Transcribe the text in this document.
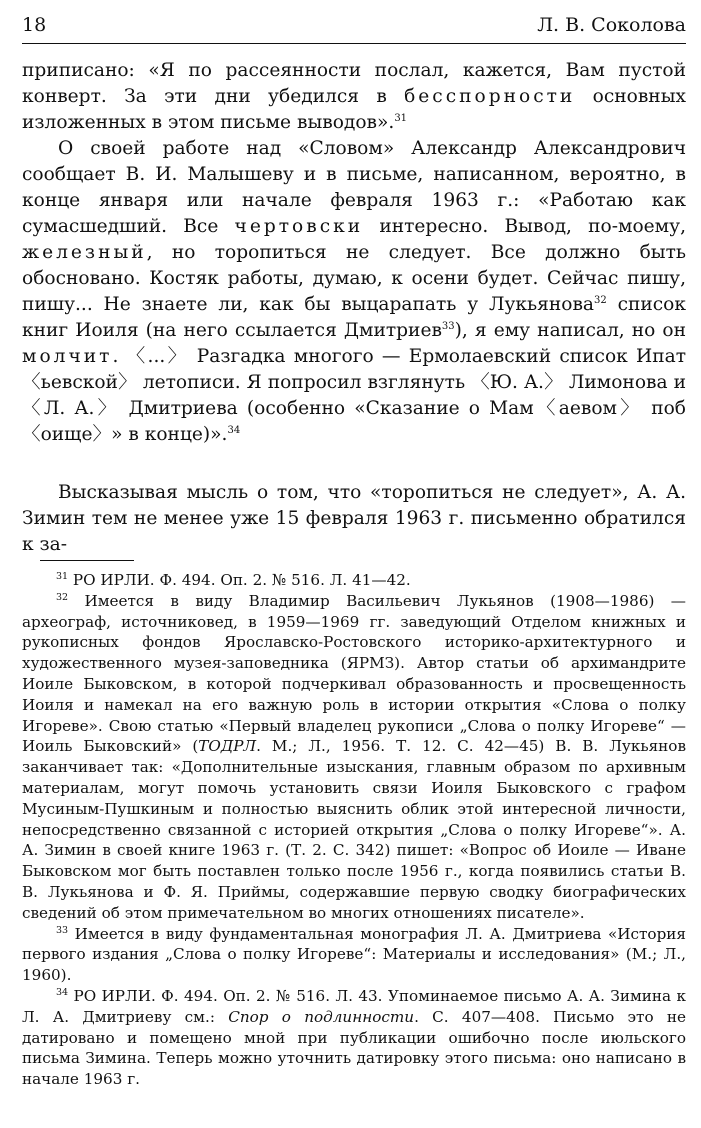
18	Л. В. Соколова

приписано: «Я по рассеянности послал, кажется, Вам пустой конверт. За эти дни убедился в бесспорности основных изложенных в этом письме выводов».$^{31}$

О своей работе над «Словом» Александр Александрович сообщает В. И. Малышеву и в письме, написанном, вероятно, в конце января или начале февраля 1963 г.: «Работаю как сумасшедший. Все чертовски интересно. Вывод, по-моему, железный, но торопиться не следует. Все должно быть обосновано. Костяк работы, думаю, к осени будет. Сейчас пишу, пишу... Не знаете ли, как бы выцарапать у Лукьянова$^{32}$ список книг Иоиля (на него ссылается Дмитриев$^{33}$), я ему написал, но он молчит. 〈...〉 Разгадка многого — Ермолаевский список Ипат〈ьевской〉 летописи. Я попросил взглянуть 〈Ю. А.〉 Лимонова и 〈Л. А.〉 Дмитриева (особенно «Сказание о Мам〈аевом〉 поб〈оище〉» в конце)».$^{34}$

Высказывая мысль о том, что «торопиться не следует», А. А. Зимин тем не менее уже 15 февраля 1963 г. письменно обратился к за-

$^{31}$ РО ИРЛИ. Ф. 494. Оп. 2. № 516. Л. 41—42.

$^{32}$ Имеется в виду Владимир Васильевич Лукьянов (1908—1986) — археограф, источниковед, в 1959—1969 гг. заведующий Отделом книжных и рукописных фондов Ярославско-Ростовского историко-архитектурного и художественного музея-заповедника (ЯРМЗ). Автор статьи об архимандрите Иоиле Быковском, в которой подчеркивал образованность и просвещенность Иоиля и намекал на его важную роль в истории открытия «Слова о полку Игореве». Свою статью «Первый владелец рукописи „Слова о полку Игореве“ — Иоиль Быковский» (ТОДРЛ. М.; Л., 1956. Т. 12. С. 42—45) В. В. Лукьянов заканчивает так: «Дополнительные изыскания, главным образом по архивным материалам, могут помочь установить связи Иоиля Быковского с графом Мусиным-Пушкиным и полностью выяснить облик этой интересной личности, непосредственно связанной с историей открытия „Слова о полку Игореве“». А. А. Зимин в своей книге 1963 г. (Т. 2. С. 342) пишет: «Вопрос об Иоиле — Иване Быковском мог быть поставлен только после 1956 г., когда появились статьи В. В. Лукьянова и Ф. Я. Приймы, содержавшие первую сводку биографических сведений об этом примечательном во многих отношениях писателе».

$^{33}$ Имеется в виду фундаментальная монография Л. А. Дмитриева «История первого издания „Слова о полку Игореве“: Материалы и исследования» (М.; Л., 1960).

$^{34}$ РО ИРЛИ. Ф. 494. Оп. 2. № 516. Л. 43. Упоминаемое письмо А. А. Зимина к Л. А. Дмитриеву см.: Спор о подлинности. С. 407—408. Письмо это не датировано и помещено мной при публикации ошибочно после июльского письма Зимина. Теперь можно уточнить датировку этого письма: оно написано в начале 1963 г.
